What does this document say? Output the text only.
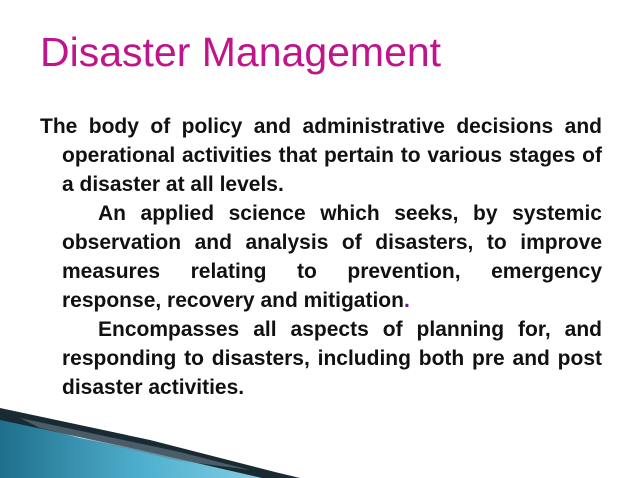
Disaster Management

The body of policy and administrative decisions and operational activities that pertain to various stages of a disaster at all levels.

An applied science which seeks, by systemic observation and analysis of disasters, to improve measures relating to prevention, emergency response, recovery and mitigation.

Encompasses all aspects of planning for, and responding to disasters, including both pre and post disaster activities.
